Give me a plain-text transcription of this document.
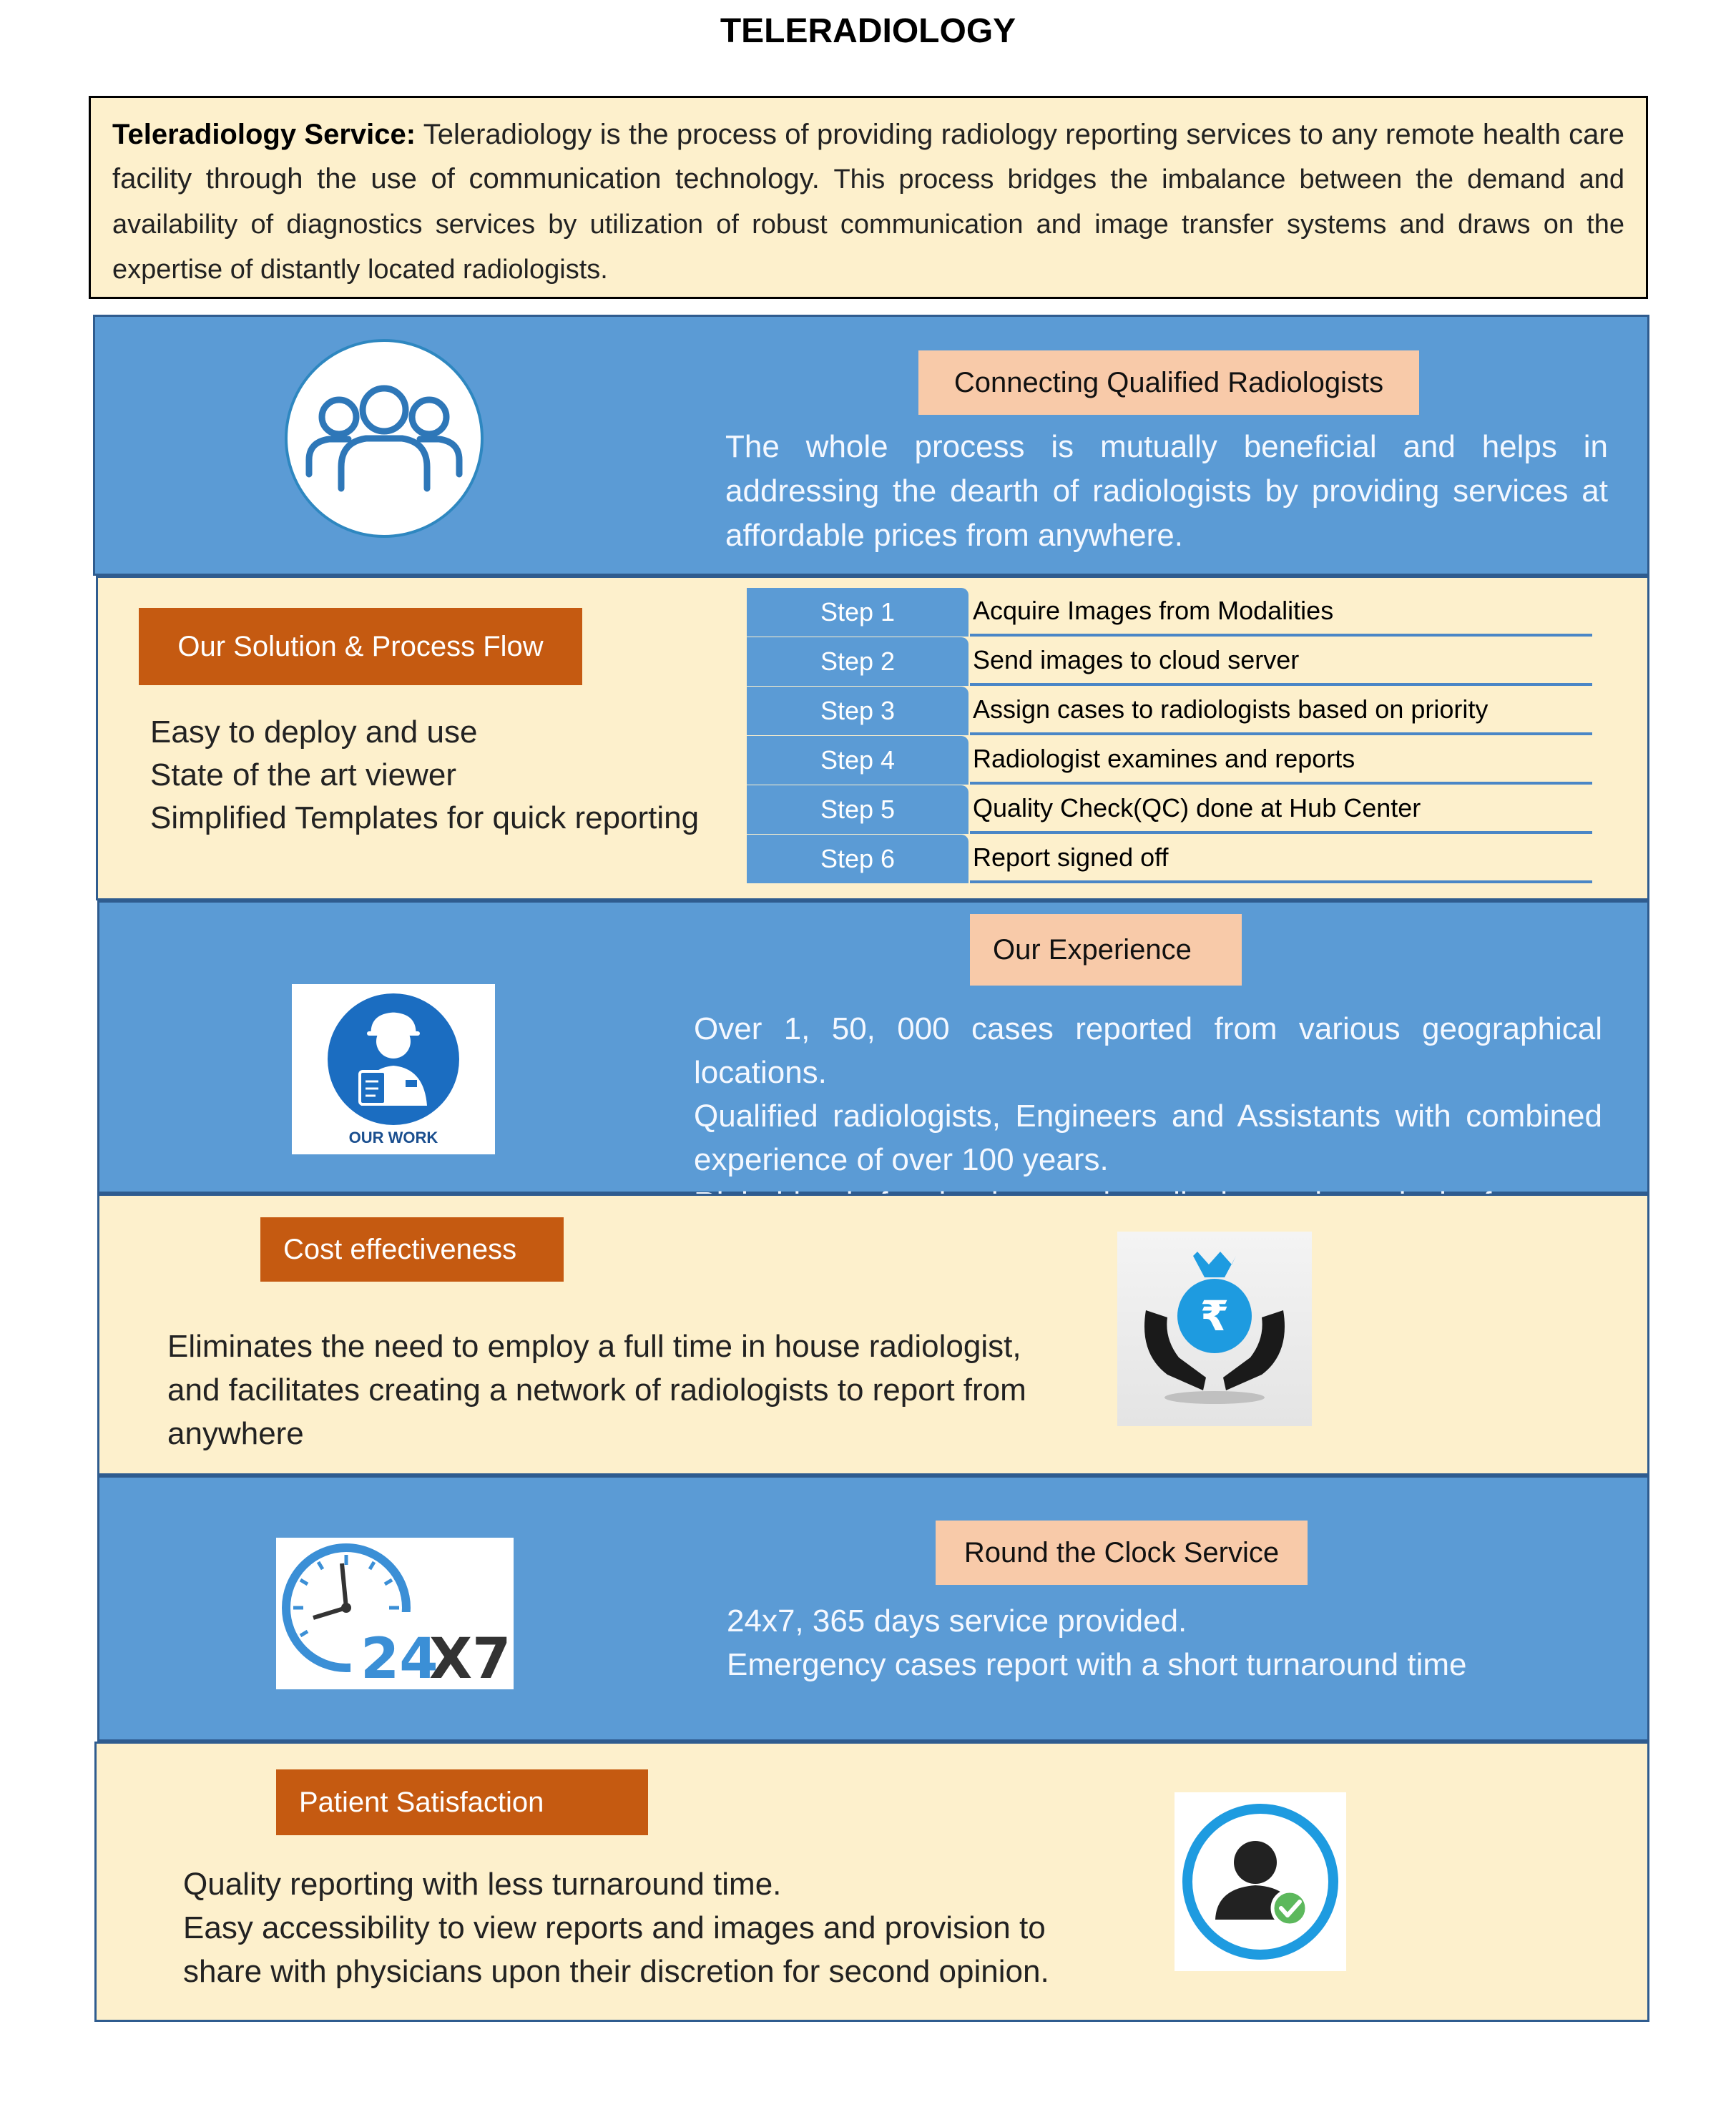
TELERADIOLOGY
Teleradiology Service: Teleradiology is the process of providing radiology reporting services to any remote health care facility through the use of communication technology. This process bridges the imbalance between the demand and availability of diagnostics services by utilization of robust communication and image transfer systems and draws on the expertise of distantly located radiologists.
Connecting Qualified Radiologists
The whole process is mutually beneficial and helps in addressing the dearth of radiologists by providing services at affordable prices from anywhere.
Our Solution & Process Flow
Easy to deploy and use
State of the art viewer
Simplified Templates for quick reporting
Step 1	Acquire Images from Modalities
Step 2	Send images to cloud server
Step 3	Assign cases to radiologists based on priority
Step 4	Radiologist examines and reports
Step 5	Quality Check(QC) done at Hub Center
Step 6	Report signed off
OUR WORK
Our Experience
Over 1, 50, 000 cases reported from various geographical locations.
Qualified radiologists, Engineers and Assistants with combined experience of over 100 years.
Cost effectiveness
Eliminates the need to employ a full time in house radiologist, and facilitates creating a network of radiologists to report from anywhere
₹
24
X7
Round the Clock Service
24x7, 365 days service provided.
Emergency cases report with a short turnaround time
Patient Satisfaction
Quality reporting with less turnaround time.
Easy accessibility to view reports and images and provision to share with physicians upon their discretion for second opinion.
